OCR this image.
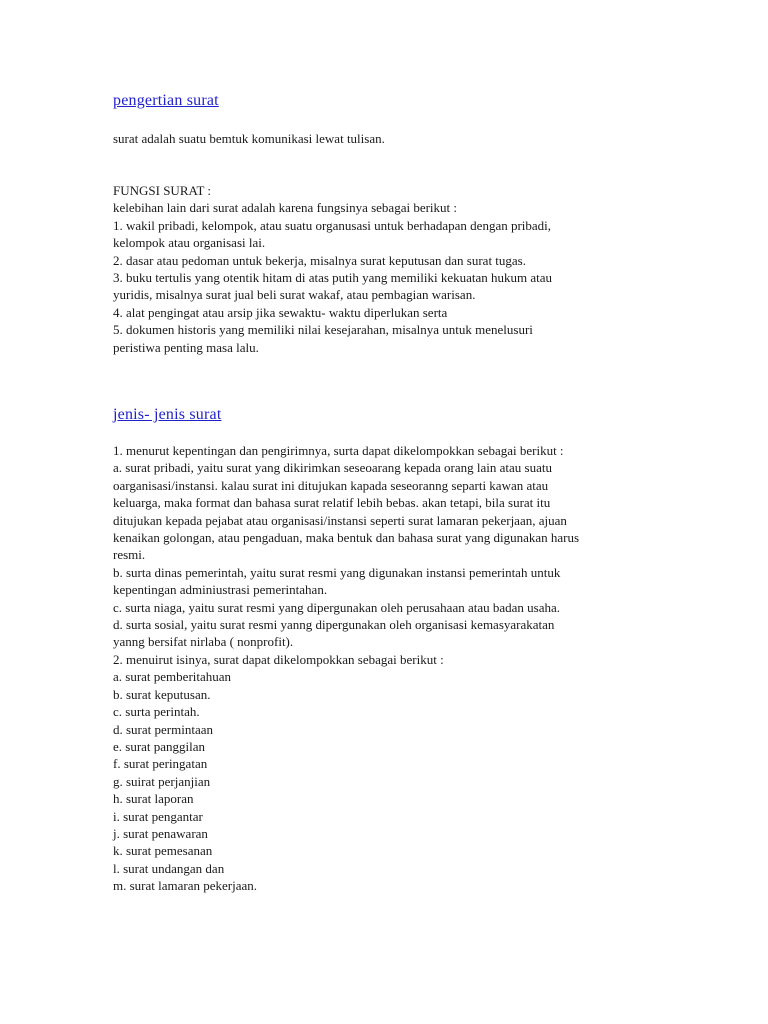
pengertian surat

surat adalah suatu bemtuk komunikasi lewat tulisan.

FUNGSI SURAT :
kelebihan lain dari surat adalah karena fungsinya sebagai berikut :
1. wakil pribadi, kelompok, atau suatu organusasi untuk berhadapan dengan pribadi,
kelompok atau organisasi lai.
2. dasar atau pedoman untuk bekerja, misalnya surat keputusan dan surat tugas.
3. buku tertulis yang otentik hitam di atas putih yang memiliki kekuatan hukum atau
yuridis, misalnya surat jual beli surat wakaf, atau pembagian warisan.
4. alat pengingat atau arsip jika sewaktu- waktu diperlukan serta
5. dokumen historis yang memiliki nilai kesejarahan, misalnya untuk menelusuri
peristiwa penting masa lalu.
jenis- jenis surat
1. menurut kepentingan dan pengirimnya, surta dapat dikelompokkan sebagai berikut :
a. surat pribadi, yaitu surat yang dikirimkan seseoarang kepada orang lain atau suatu
oarganisasi/instansi. kalau surat ini ditujukan kapada seseoranng separti kawan atau
keluarga, maka format dan bahasa surat relatif lebih bebas. akan tetapi, bila surat itu
ditujukan kepada pejabat atau organisasi/instansi seperti surat lamaran pekerjaan, ajuan
kenaikan golongan, atau pengaduan, maka bentuk dan bahasa surat yang digunakan harus
resmi.
b. surta dinas pemerintah, yaitu surat resmi yang digunakan instansi pemerintah untuk
kepentingan adminiustrasi pemerintahan.
c. surta niaga, yaitu surat resmi yang dipergunakan oleh perusahaan atau badan usaha.
d. surta sosial, yaitu surat resmi yanng dipergunakan oleh organisasi kemasyarakatan
yanng bersifat nirlaba ( nonprofit).
2. menuirut isinya, surat dapat dikelompokkan sebagai berikut :
a. surat pemberitahuan
b. surat keputusan.
c. surta perintah.
d. surat permintaan
e. surat panggilan
f. surat peringatan
g. suirat perjanjian
h. surat laporan
i. surat pengantar
j. surat penawaran
k. surat pemesanan
l. surat undangan dan
m. surat lamaran pekerjaan.
